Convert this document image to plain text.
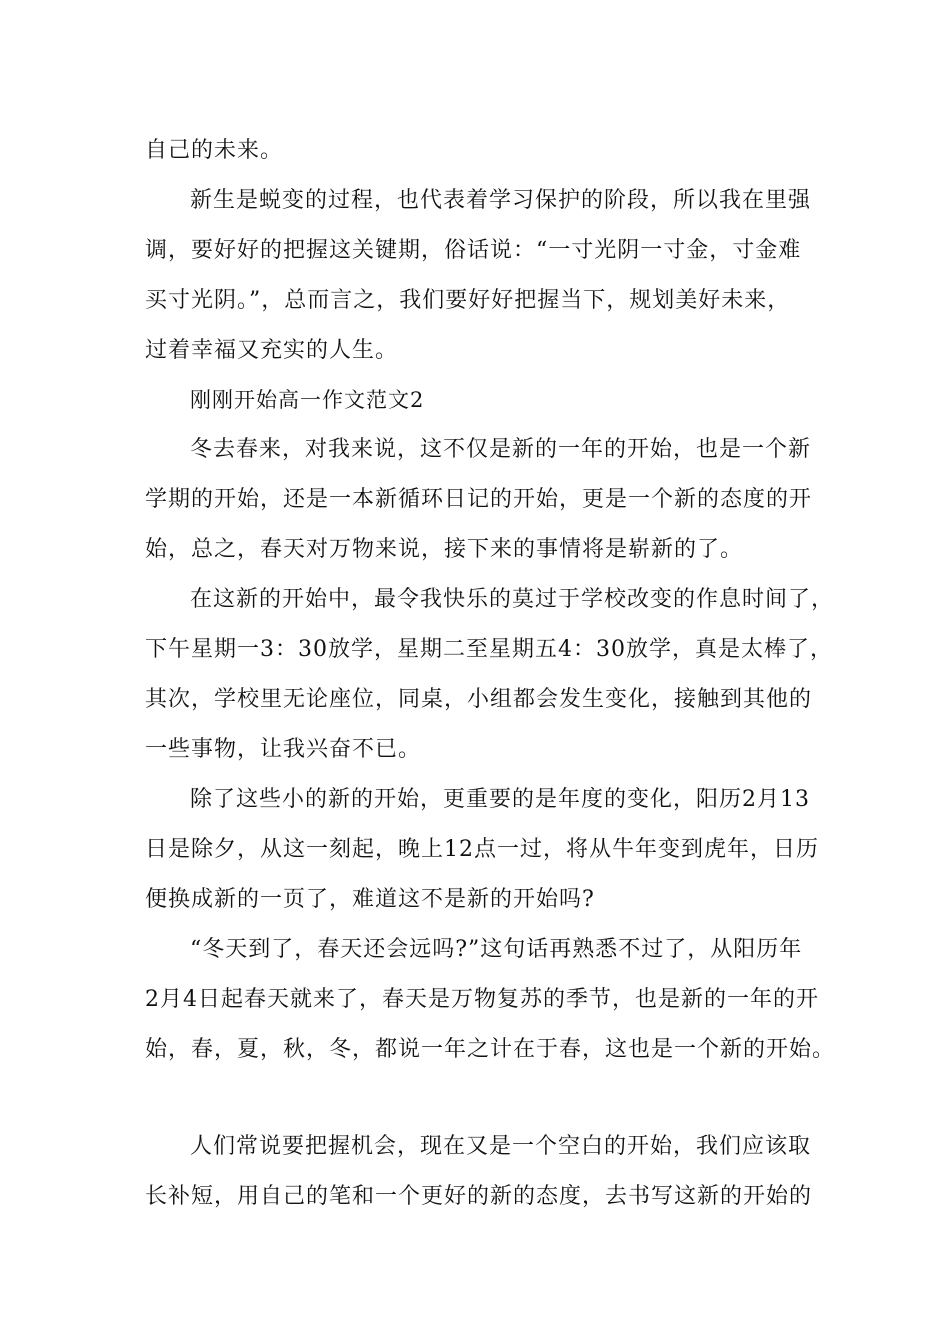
自己的未来。
新生是蜕变的过程，也代表着学习保护的阶段，所以我在里强
调，要好好的把握这关键期，俗话说：“一寸光阴一寸金，寸金难
买寸光阴。”，总而言之，我们要好好把握当下，规划美好未来，
过着幸福又充实的人生。
刚刚开始高一作文范文2
冬去春来，对我来说，这不仅是新的一年的开始，也是一个新
学期的开始，还是一本新循环日记的开始，更是一个新的态度的开
始，总之，春天对万物来说，接下来的事情将是崭新的了。
在这新的开始中，最令我快乐的莫过于学校改变的作息时间了，
下午星期一3：30放学，星期二至星期五4：30放学，真是太棒了，
其次，学校里无论座位，同桌，小组都会发生变化，接触到其他的
一些事物，让我兴奋不已。
除了这些小的新的开始，更重要的是年度的变化，阳历2月13
日是除夕，从这一刻起，晚上12点一过，将从牛年变到虎年，日历
便换成新的一页了，难道这不是新的开始吗?
“冬天到了，春天还会远吗?”这句话再熟悉不过了，从阳历年
2月4日起春天就来了，春天是万物复苏的季节，也是新的一年的开
始，春，夏，秋，冬，都说一年之计在于春，这也是一个新的开始。
人们常说要把握机会，现在又是一个空白的开始，我们应该取
长补短，用自己的笔和一个更好的新的态度，去书写这新的开始的
